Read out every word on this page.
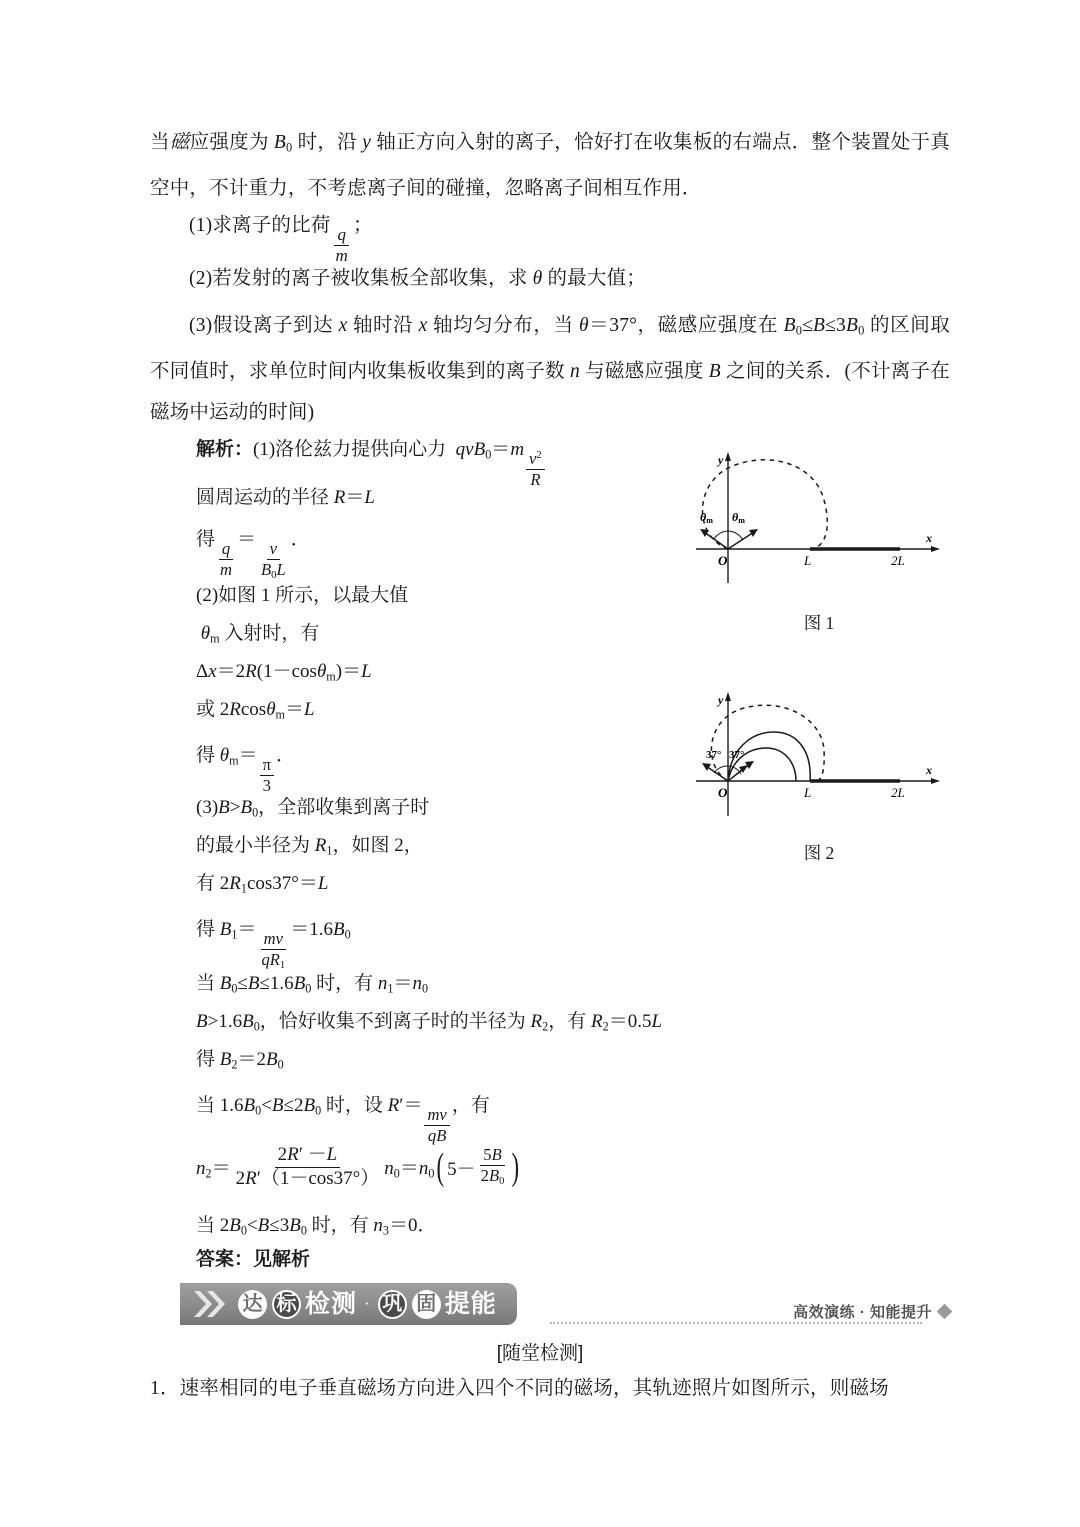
当磁应强度为 $B_0$ 时，沿 y 轴正方向入射的离子，恰好打在收集板的右端点．整个装置处于真空中，不计重力，不考虑离子间的碰撞，忽略离子间相互作用．
(1)求离子的比荷
$\frac{q}{m}$
；
(2)若发射的离子被收集板全部收集，求 θ 的最大值；
(3)假设离子到达 x 轴时沿 x 轴均匀分布，当 θ＝37°，磁感应强度在 $B_0\le B\le 3B_0$ 的区间取不同值时，求单位时间内收集板收集到的离子数 n 与磁感应强度 B 之间的关系．(不计离子在磁场中运动的时间)
解析：(1)洛伦兹力提供向心力 qvB$_0$＝m
$\frac{v^2}{R}$
圆周运动的半径 R＝L
得
$\frac{q}{m}$
＝
$\frac{v}{B_0L}$
．
(2)如图 1 所示，以最大值
$\theta_m$ 入射时，有
Δx＝2R(1－cosθ$_m$)＝L
或 2Rcosθ$_m$＝L
得 $\theta_m=$
$\frac{\pi}{3}$
．
$(3)B>B_0$，全部收集到离子时
的最小半径为 $R_1$，如图 2，
有 $2R_1\cos 37^\circ=L$
得 $B_1=$
$\frac{mv}{qR_1}$
$=1.6B_0$
当 $B_0\le B\le 1.6B_0$ 时，有 $n_1=n_0$
$B>1.6B_0$，恰好收集不到离子时的半径为 $R_2$，有 $R_2=0.5L$
得 $B_2=2B_0$
当 $1.6B_0<B\le 2B_0$ 时，设 R′＝
$\frac{mv}{qB}$
，有
$n_2= \frac{2R' -L}{2R'(1-\cos 37^\circ)} n_0=n_0$ ( $5- \frac{5B}{2B_0}$ )
当 $2B_0<B\le 3B_0$ 时，有 $n_3=0$．
答案：见解析
y
x
O	L	2L
θm θm
图 1
y
x
O	L	2L
37° 37°
图 2
达 标 检测 · 巩 固 提能	高效演练 · 知能提升
[随堂检测]
1．速率相同的电子垂直磁场方向进入四个不同的磁场，其轨迹照片如图所示，则磁场
